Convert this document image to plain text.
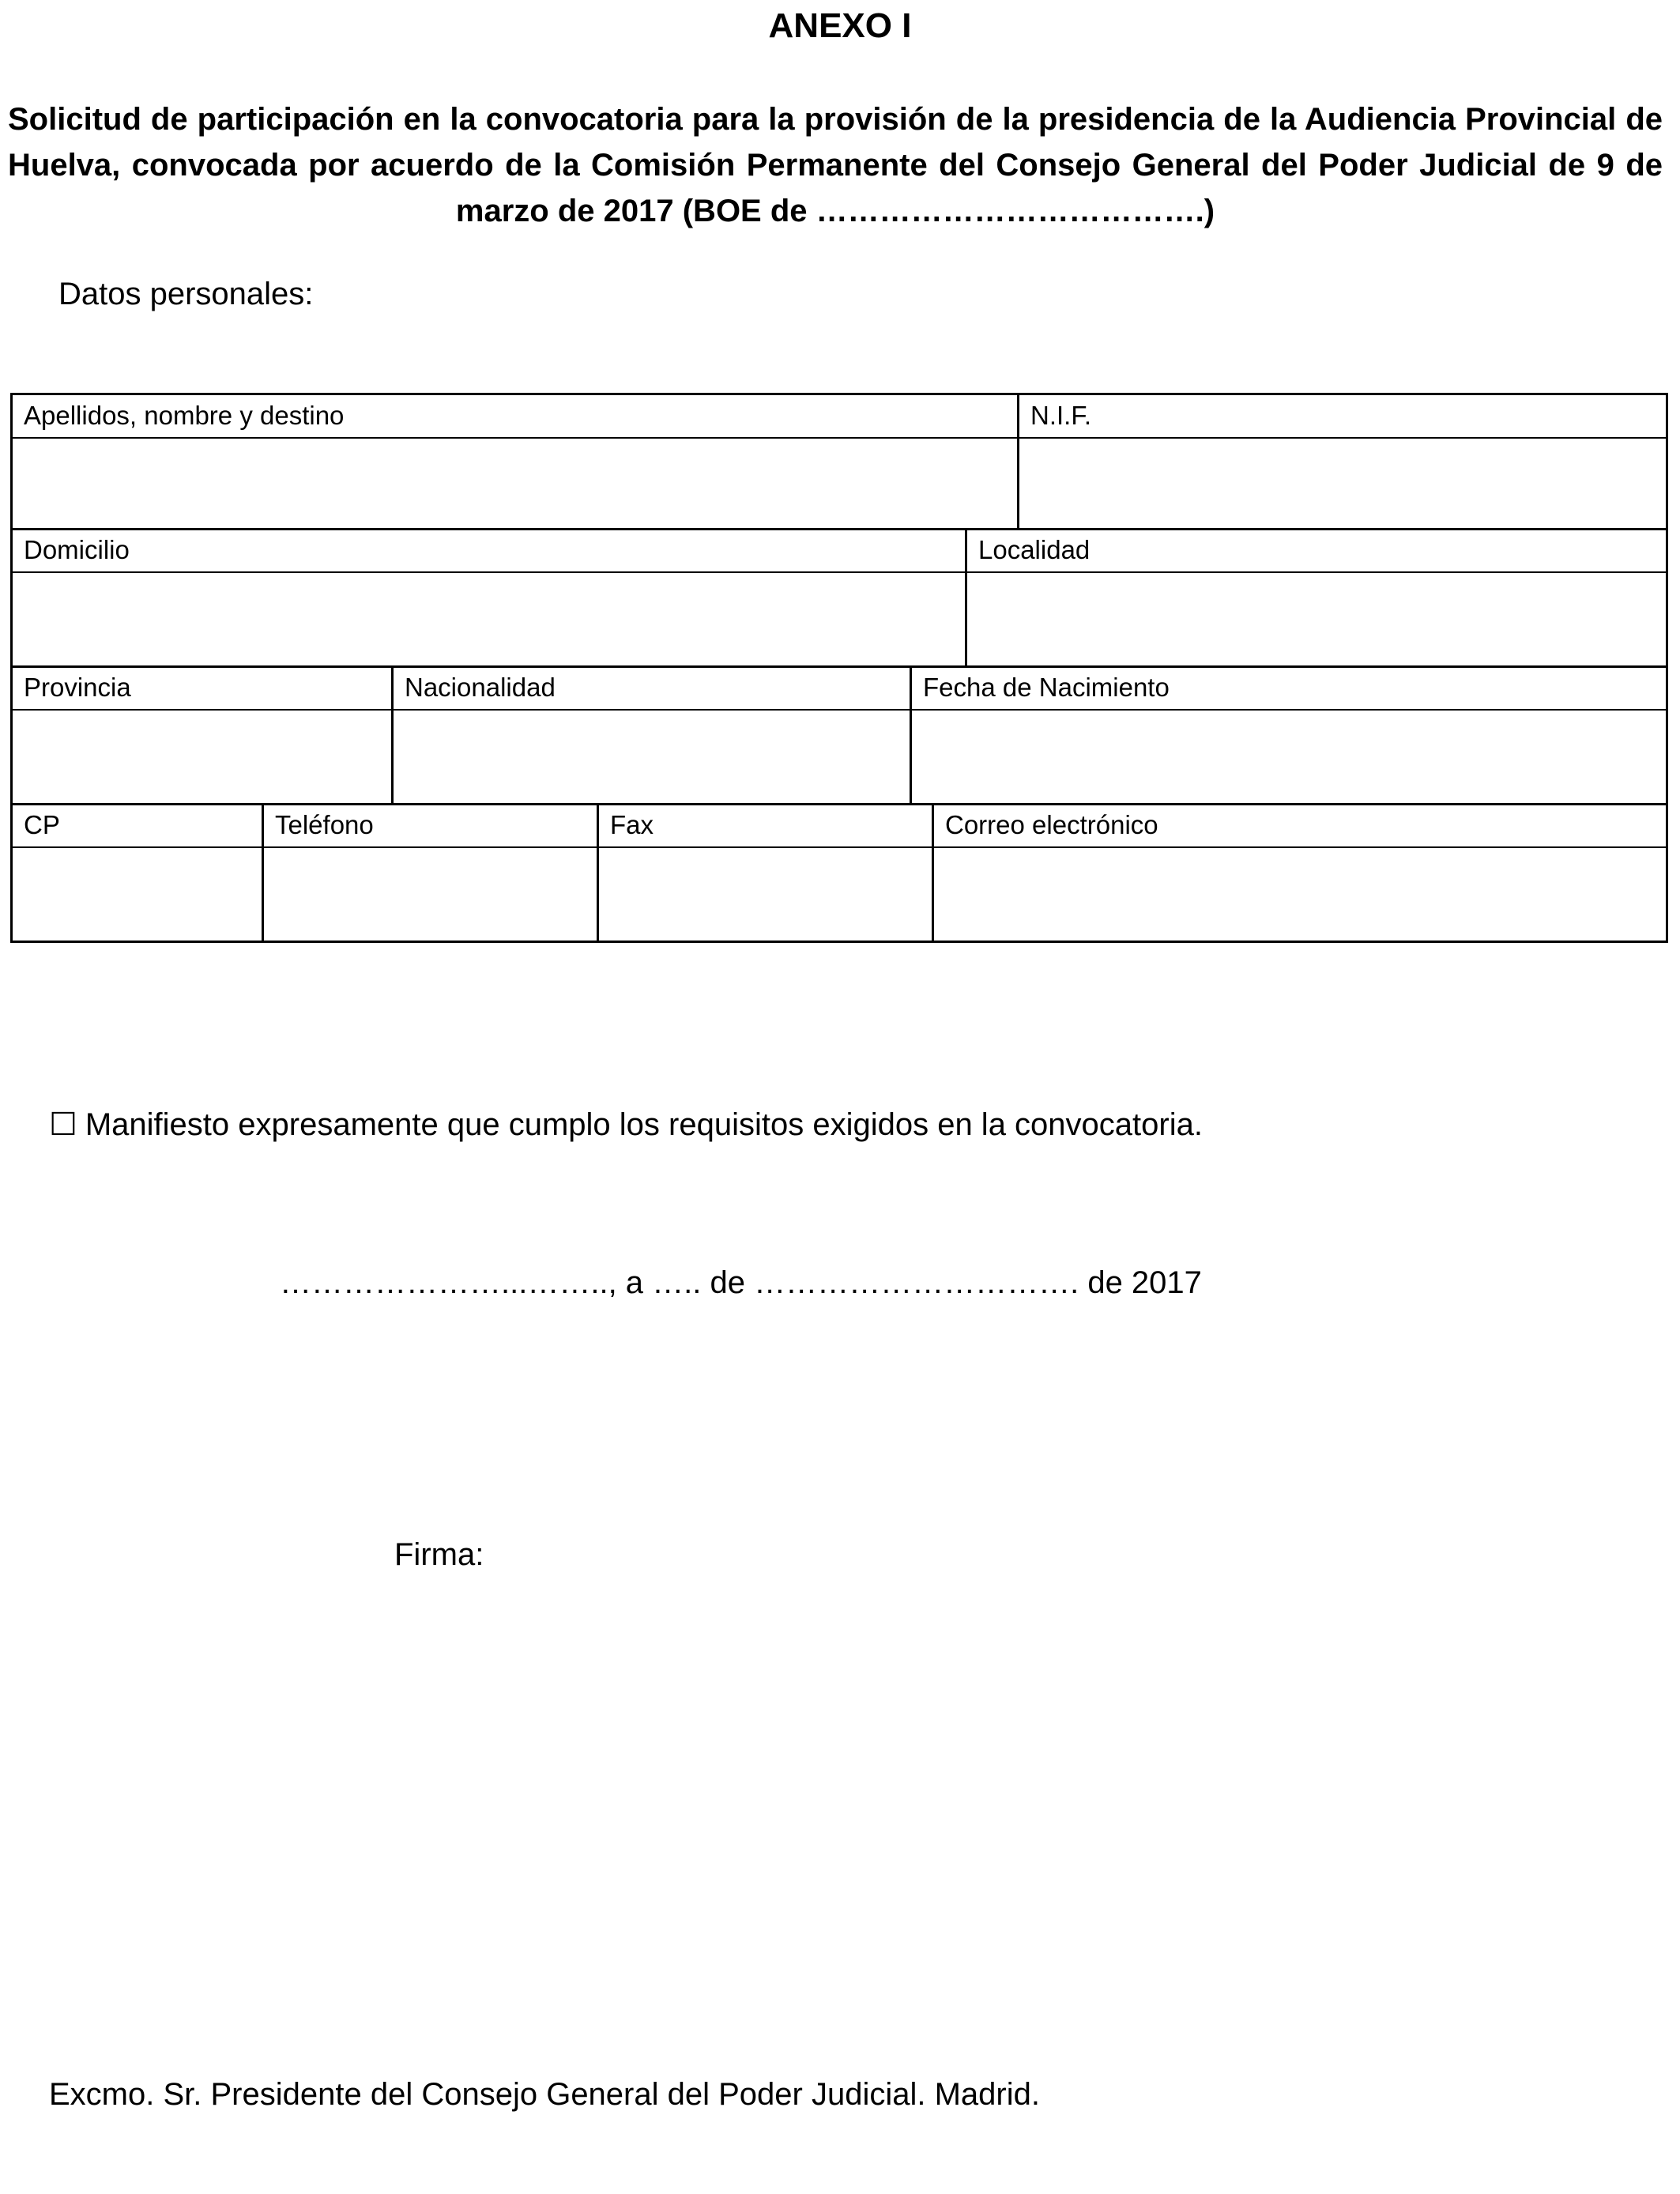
ANEXO I

Solicitud de participación en la convocatoria para la provisión de la presidencia de la Audiencia Provincial de Huelva, convocada por acuerdo de la Comisión Permanente del Consejo General del Poder Judicial de 9 de marzo de 2017 (BOE de ……………………………….)

Datos personales:
Apellidos, nombre y destino	N.I.F.
Domicilio	Localidad
Provincia	Nacionalidad	Fecha de Nacimiento
CP	Teléfono	Fax	Correo electrónico
☐ Manifiesto expresamente que cumplo los requisitos exigidos en la convocatoria.
…………………...…….., a ….. de …………………………. de 2017
Firma:
Excmo. Sr. Presidente del Consejo General del Poder Judicial. Madrid.
